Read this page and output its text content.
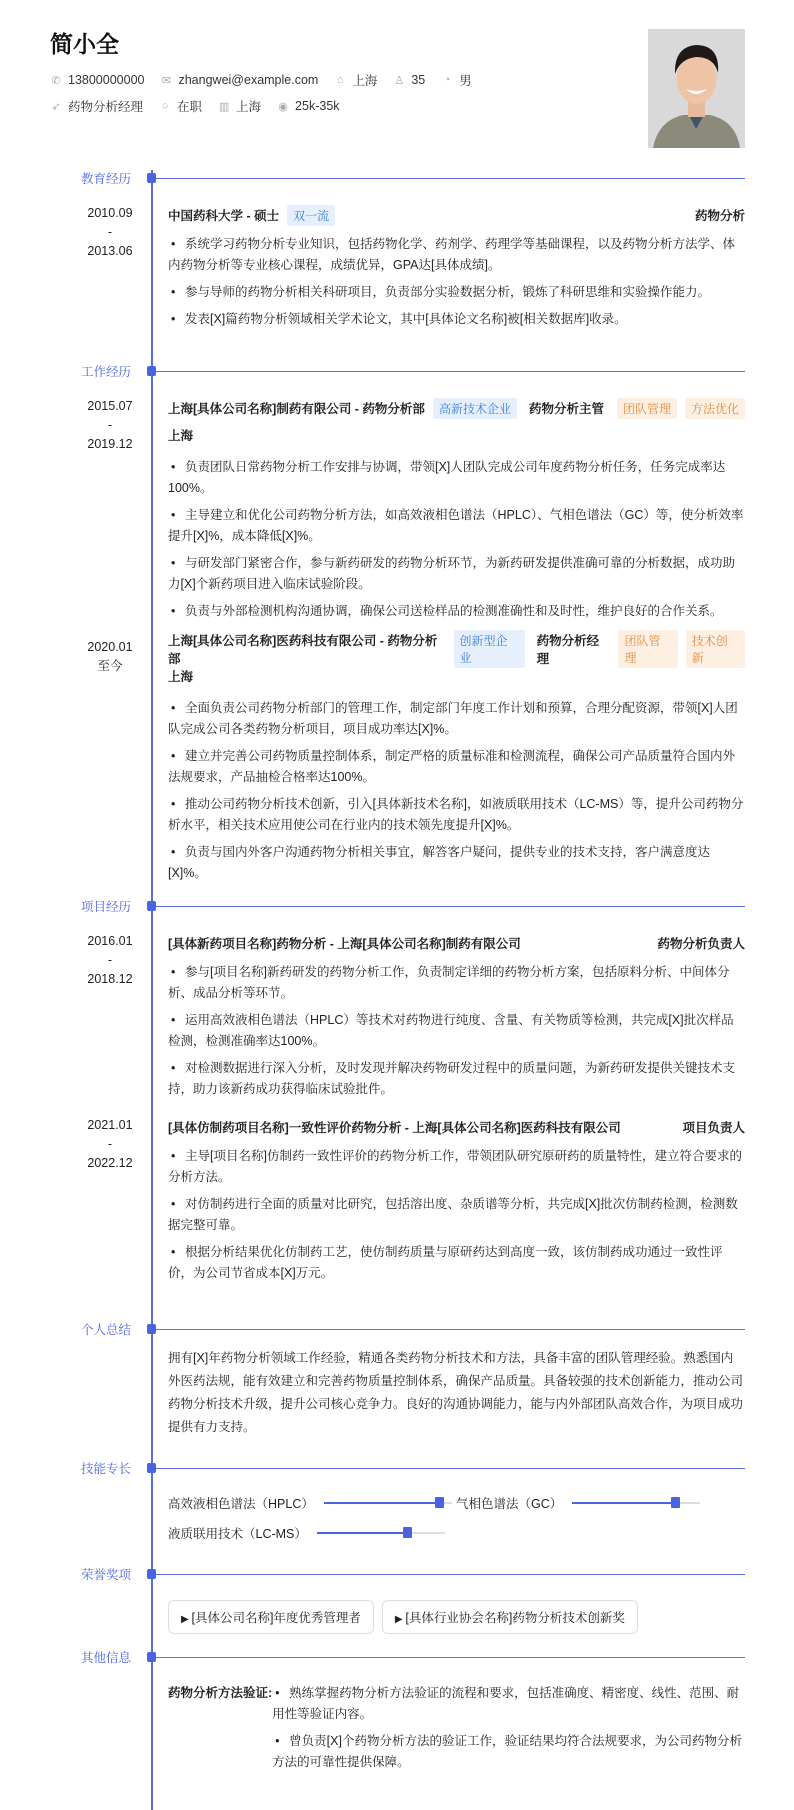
简小全
✆ 13800000000 ✉ zhangwei@example.com ⌂ 上海 ♙ 35 ◔ 男
➶ 药物分析经理 ○ 在职 ▥ 上海 ◉ 25k-35k
教育经历
2010.09
-
2013.06
中国药科大学 - 硕士	双一流	药物分析
• 系统学习药物分析专业知识，包括药物化学、药剂学、药理学等基础课程，以及药物分析方法学、体内药物分析等专业核心课程，成绩优异，GPA达[具体成绩]。
• 参与导师的药物分析相关科研项目，负责部分实验数据分析，锻炼了科研思维和实验操作能力。
• 发表[X]篇药物分析领域相关学术论文，其中[具体论文名称]被[相关数据库]收录。
工作经历
2015.07
-
2019.12
上海[具体公司名称]制药有限公司 - 药物分析部	高新技术企业	药物分析主管	团队管理	方法优化
上海
• 负责团队日常药物分析工作安排与协调，带领[X]人团队完成公司年度药物分析任务，任务完成率达100%。
• 主导建立和优化公司药物分析方法，如高效液相色谱法（HPLC）、气相色谱法（GC）等，使分析效率提升[X]%，成本降低[X]%。
• 与研发部门紧密合作，参与新药研发的药物分析环节，为新药研发提供准确可靠的分析数据，成功助力[X]个新药项目进入临床试验阶段。
• 负责与外部检测机构沟通协调，确保公司送检样品的检测准确性和及时性，维护良好的合作关系。
2020.01
至今
上海[具体公司名称]医药科技有限公司 - 药物分析部
创新型企业
药物分析经理
团队管理
技术创新
上海
• 全面负责公司药物分析部门的管理工作，制定部门年度工作计划和预算，合理分配资源，带领[X]人团队完成公司各类药物分析项目，项目成功率达[X]%。
• 建立并完善公司药物质量控制体系，制定严格的质量标准和检测流程，确保公司产品质量符合国内外法规要求，产品抽检合格率达100%。
• 推动公司药物分析技术创新，引入[具体新技术名称]，如液质联用技术（LC-MS）等，提升公司药物分析水平，相关技术应用使公司在行业内的技术领先度提升[X]%。
• 负责与国内外客户沟通药物分析相关事宜，解答客户疑问，提供专业的技术支持，客户满意度达[X]%。
项目经历
2016.01
-
2018.12
[具体新药项目名称]药物分析 - 上海[具体公司名称]制药有限公司	药物分析负责人
• 参与[项目名称]新药研发的药物分析工作，负责制定详细的药物分析方案，包括原料分析、中间体分析、成品分析等环节。
• 运用高效液相色谱法（HPLC）等技术对药物进行纯度、含量、有关物质等检测，共完成[X]批次样品检测，检测准确率达100%。
• 对检测数据进行深入分析，及时发现并解决药物研发过程中的质量问题，为新药研发提供关键技术支持，助力该新药成功获得临床试验批件。
2021.01
-
2022.12
[具体仿制药项目名称]一致性评价药物分析 - 上海[具体公司名称]医药科技有限公司	项目负责人
• 主导[项目名称]仿制药一致性评价的药物分析工作，带领团队研究原研药的质量特性，建立符合要求的分析方法。
• 对仿制药进行全面的质量对比研究，包括溶出度、杂质谱等分析，共完成[X]批次仿制药检测，检测数据完整可靠。
• 根据分析结果优化仿制药工艺，使仿制药质量与原研药达到高度一致，该仿制药成功通过一致性评价，为公司节省成本[X]万元。
个人总结
拥有[X]年药物分析领域工作经验，精通各类药物分析技术和方法，具备丰富的团队管理经验。熟悉国内外医药法规，能有效建立和完善药物质量控制体系，确保产品质量。具备较强的技术创新能力，推动公司药物分析技术升级，提升公司核心竞争力。良好的沟通协调能力，能与内外部团队高效合作，为项目成功提供有力支持。
技能专长
高效液相色谱法（HPLC）	气相色谱法（GC）
液质联用技术（LC-MS）
荣誉奖项
▶ [具体公司名称]年度优秀管理者	▶ [具体行业协会名称]药物分析技术创新奖
其他信息
药物分析方法验证: • 熟练掌握药物分析方法验证的流程和要求，包括准确度、精密度、线性、范围、耐用性等验证内容。
• 曾负责[X]个药物分析方法的验证工作，验证结果均符合法规要求，为公司药物分析方法的可靠性提供保障。
